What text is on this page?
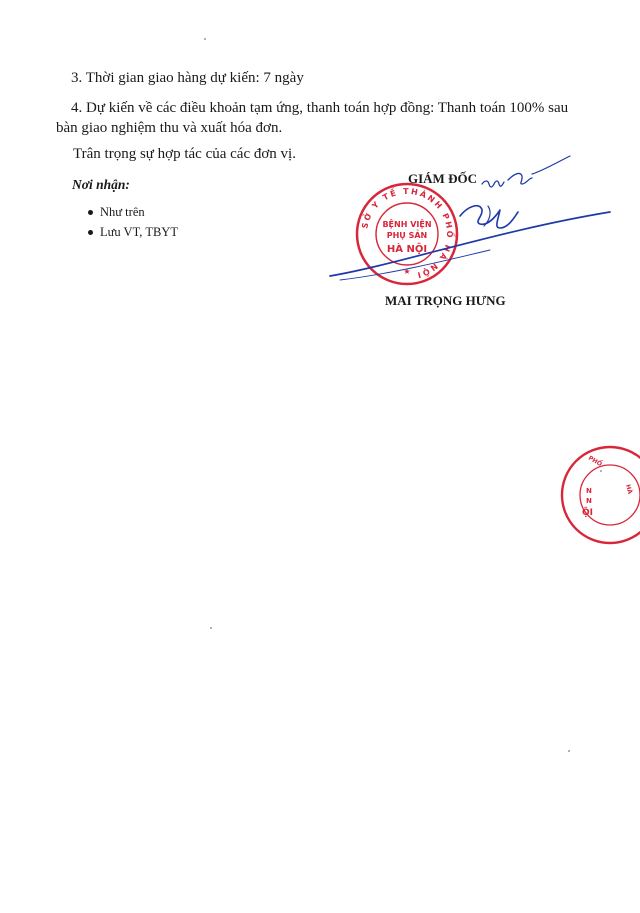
3. Thời gian giao hàng dự kiến: 7 ngày
4. Dự kiến về các điều khoản tạm ứng, thanh toán hợp đồng: Thanh toán 100% sau
bàn giao nghiệm thu và xuất hóa đơn.
Trân trọng sự hợp tác của các đơn vị.
Nơi nhận:
Như trên
Lưu VT, TBYT
GIÁM ĐỐC
SỞ Y TẾ THÀNH PHỐ HÀ NỘI
BỆNH VIỆN
PHỤ SẢN
HÀ NỘI
★
MAI TRỌNG HƯNG
N
N
ỘI
PHỐ
HÀ
